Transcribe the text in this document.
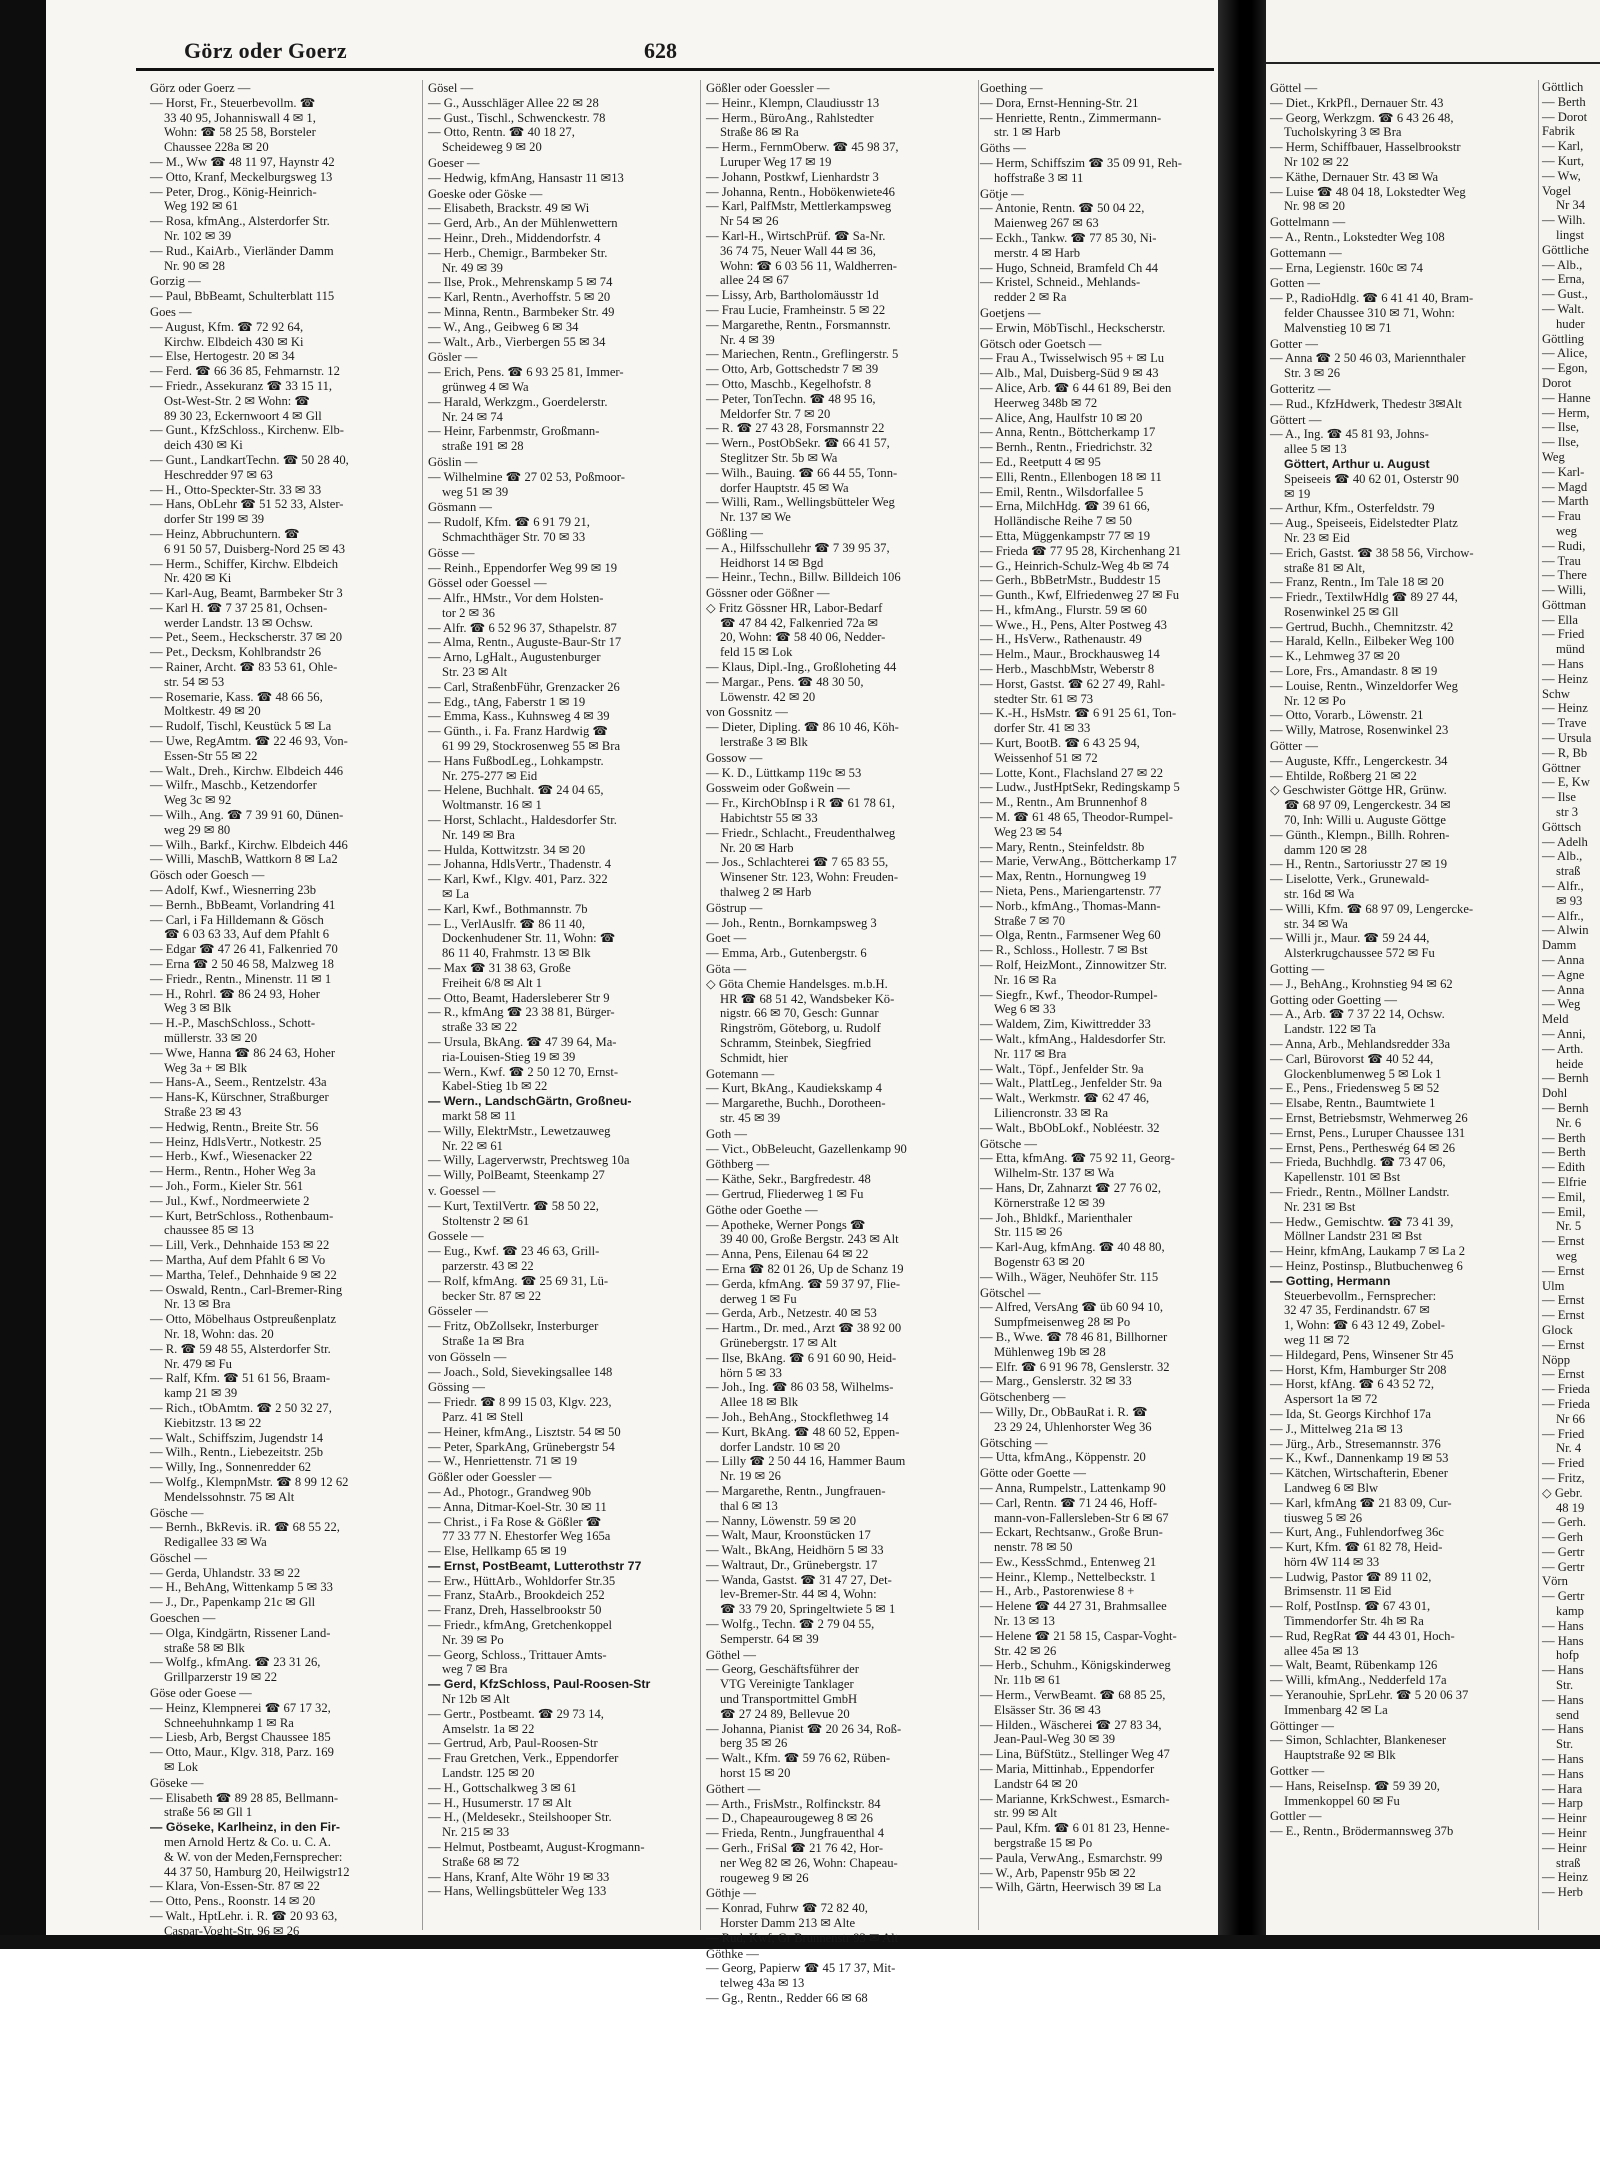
Görz oder Goerz	628
Görz oder Goerz —
— Horst, Fr., Steuerbevollm. ☎
33 40 95, Johanniswall 4 ✉ 1,
Wohn: ☎ 58 25 58, Borsteler
Chaussee 228a ✉ 20
— M., Ww ☎ 48 11 97, Haynstr 42
— Otto, Kranf, Meckelburgsweg 13
— Peter, Drog., König-Heinrich-
Weg 192 ✉ 61
— Rosa, kfmAng., Alsterdorfer Str.
Nr. 102 ✉ 39
— Rud., KaiArb., Vierländer Damm
Nr. 90 ✉ 28
Gorzig —
— Paul, BbBeamt, Schulterblatt 115
Goes —
— August, Kfm. ☎ 72 92 64,
Kirchw. Elbdeich 430 ✉ Ki
— Else, Hertogestr. 20 ✉ 34
— Ferd. ☎ 66 36 85, Fehmarnstr. 12
— Friedr., Assekuranz ☎ 33 15 11,
Ost-West-Str. 2 ✉ Wohn: ☎
89 30 23, Eckernwoort 4 ✉ Gll
— Gunt., KfzSchloss., Kirchenw. Elb-
deich 430 ✉ Ki
— Gunt., LandkartTechn. ☎ 50 28 40,
Heschredder 97 ✉ 63
— H., Otto-Speckter-Str. 33 ✉ 33
— Hans, ObLehr ☎ 51 52 33, Alster-
dorfer Str 199 ✉ 39
— Heinz, Abbruchuntern. ☎
6 91 50 57, Duisberg-Nord 25 ✉ 43
— Herm., Schiffer, Kirchw. Elbdeich
Nr. 420 ✉ Ki
— Karl-Aug, Beamt, Barmbeker Str 3
— Karl H. ☎ 7 37 25 81, Ochsen-
werder Landstr. 13 ✉ Ochsw.
— Pet., Seem., Heckscherstr. 37 ✉ 20
— Pet., Decksm, Kohlbrandstr 26
— Rainer, Archt. ☎ 83 53 61, Ohle-
str. 54 ✉ 53
— Rosemarie, Kass. ☎ 48 66 56,
Moltkestr. 49 ✉ 20
— Rudolf, Tischl, Keustück 5 ✉ La
— Uwe, RegAmtm. ☎ 22 46 93, Von-
Essen-Str 55 ✉ 22
— Walt., Dreh., Kirchw. Elbdeich 446
— Wilfr., Maschb., Ketzendorfer
Weg 3c ✉ 92
— Wilh., Ang. ☎ 7 39 91 60, Dünen-
weg 29 ✉ 80
— Wilh., Barkf., Kirchw. Elbdeich 446
— Willi, MaschB, Wattkorn 8 ✉ La2
Gösch oder Goesch —
— Adolf, Kwf., Wiesnerring 23b
— Bernh., BbBeamt, Vorlandring 41
— Carl, i Fa Hilldemann & Gösch
☎ 6 03 63 33, Auf dem Pfahlt 6
— Edgar ☎ 47 26 41, Falkenried 70
— Erna ☎ 2 50 46 58, Malzweg 18
— Friedr., Rentn., Minenstr. 11 ✉ 1
— H., Rohrl. ☎ 86 24 93, Hoher
Weg 3 ✉ Blk
— H.-P., MaschSchloss., Schott-
müllerstr. 33 ✉ 20
— Wwe, Hanna ☎ 86 24 63, Hoher
Weg 3a + ✉ Blk
— Hans-A., Seem., Rentzelstr. 43a
— Hans-K, Kürschner, Straßburger
Straße 23 ✉ 43
— Hedwig, Rentn., Breite Str. 56
— Heinz, HdlsVertr., Notkestr. 25
— Herb., Kwf., Wiesenacker 22
— Herm., Rentn., Hoher Weg 3a
— Joh., Form., Kieler Str. 561
— Jul., Kwf., Nordmeerwiete 2
— Kurt, BetrSchloss., Rothenbaum-
chaussee 85 ✉ 13
— Lill, Verk., Dehnhaide 153 ✉ 22
— Martha, Auf dem Pfahlt 6 ✉ Vo
— Martha, Telef., Dehnhaide 9 ✉ 22
— Oswald, Rentn., Carl-Bremer-Ring
Nr. 13 ✉ Bra
— Otto, Möbelhaus Ostpreußenplatz
Nr. 18, Wohn: das. 20
— R. ☎ 59 48 55, Alsterdorfer Str.
Nr. 479 ✉ Fu
— Ralf, Kfm. ☎ 51 61 56, Braam-
kamp 21 ✉ 39
— Rich., tObAmtm. ☎ 2 50 32 27,
Kiebitzstr. 13 ✉ 22
— Walt., Schiffszim, Jugendstr 14
— Wilh., Rentn., Liebezeitstr. 25b
— Willy, Ing., Sonnenredder 62
— Wolfg., KlempnMstr. ☎ 8 99 12 62
Mendelssohnstr. 75 ✉ Alt
Gösche —
— Bernh., BkRevis. iR. ☎ 68 55 22,
Redigallee 33 ✉ Wa
Göschel —
— Gerda, Uhlandstr. 33 ✉ 22
— H., BehAng, Wittenkamp 5 ✉ 33
— J., Dr., Papenkamp 21c ✉ Gll
Goeschen —
— Olga, Kindgärtn, Rissener Land-
straße 58 ✉ Blk
— Wolfg., kfmAng. ☎ 23 31 26,
Grillparzerstr 19 ✉ 22
Göse oder Goese —
— Heinz, Klempnerei ☎ 67 17 32,
Schneehuhnkamp 1 ✉ Ra
— Liesb, Arb, Bergst Chaussee 185
— Otto, Maur., Klgv. 318, Parz. 169
✉ Lok
Göseke —
— Elisabeth ☎ 89 28 85, Bellmann-
straße 56 ✉ Gll 1
— Göseke, Karlheinz, in den Fir-
men Arnold Hertz & Co. u. C. A.
& W. von der Meden,Fernsprecher:
44 37 50, Hamburg 20, Heilwigstr12
— Klara, Von-Essen-Str. 87 ✉ 22
— Otto, Pens., Roonstr. 14 ✉ 20
— Walt., HptLehr. i. R. ☎ 20 93 63,
Caspar-Voght-Str. 96 ✉ 26
Gösel —
— G., Ausschläger Allee 22 ✉ 28
— Gust., Tischl., Schwenckestr. 78
— Otto, Rentn. ☎ 40 18 27,
Scheideweg 9 ✉ 20
Goeser —
— Hedwig, kfmAng, Hansastr 11 ✉13
Goeske oder Göske —
— Elisabeth, Brackstr. 49 ✉ Wi
— Gerd, Arb., An der Mühlenwettern
— Heinr., Dreh., Middendorfstr. 4
— Herb., Chemigr., Barmbeker Str.
Nr. 49 ✉ 39
— Ilse, Prok., Mehrenskamp 5 ✉ 74
— Karl, Rentn., Averhoffstr. 5 ✉ 20
— Minna, Rentn., Barmbeker Str. 49
— W., Ang., Geibweg 6 ✉ 34
— Walt., Arb., Vierbergen 55 ✉ 34
Gösler —
— Erich, Pens. ☎ 6 93 25 81, Immer-
grünweg 4 ✉ Wa
— Harald, Werkzgm., Goerdelerstr.
Nr. 24 ✉ 74
— Heinr, Farbenmstr, Großmann-
straße 191 ✉ 28
Göslin —
— Wilhelmine ☎ 27 02 53, Poßmoor-
weg 51 ✉ 39
Gösmann —
— Rudolf, Kfm. ☎ 6 91 79 21,
Schmachthäger Str. 70 ✉ 33
Gösse —
— Reinh., Eppendorfer Weg 99 ✉ 19
Gössel oder Goessel —
— Alfr., HMstr., Vor dem Holsten-
tor 2 ✉ 36
— Alfr. ☎ 6 52 96 37, Sthapelstr. 87
— Alma, Rentn., Auguste-Baur-Str 17
— Arno, LgHalt., Augustenburger
Str. 23 ✉ Alt
— Carl, StraßenbFühr, Grenzacker 26
— Edg., tAng, Faberstr 1 ✉ 19
— Emma, Kass., Kuhnsweg 4 ✉ 39
— Günth., i. Fa. Franz Hardwig ☎
61 99 29, Stockrosenweg 55 ✉ Bra
— Hans FußbodLeg., Lohkampstr.
Nr. 275-277 ✉ Eid
— Helene, Buchhalt. ☎ 24 04 65,
Woltmanstr. 16 ✉ 1
— Horst, Schlacht., Haldesdorfer Str.
Nr. 149 ✉ Bra
— Hulda, Kottwitzstr. 34 ✉ 20
— Johanna, HdlsVertr., Thadenstr. 4
— Karl, Kwf., Klgv. 401, Parz. 322
✉ La
— Karl, Kwf., Bothmannstr. 7b
— L., VerlAuslfr. ☎ 86 11 40,
Dockenhudener Str. 11, Wohn: ☎
86 11 40, Frahmstr. 13 ✉ Blk
— Max ☎ 31 38 63, Große
Freiheit 6/8 ✉ Alt 1
— Otto, Beamt, Hadersleberer Str 9
— R., kfmAng ☎ 23 38 81, Bürger-
straße 33 ✉ 22
— Ursula, BkAng. ☎ 47 39 64, Ma-
ria-Louisen-Stieg 19 ✉ 39
— Wern., Kwf. ☎ 2 50 12 70, Ernst-
Kabel-Stieg 1b ✉ 22
— Wern., LandschGärtn, Großneu-
markt 58 ✉ 11
— Willy, ElektrMstr., Lewetzauweg
Nr. 22 ✉ 61
— Willy, Lagerverwstr, Prechtsweg 10a
— Willy, PolBeamt, Steenkamp 27
v. Goessel —
— Kurt, TextilVertr. ☎ 58 50 22,
Stoltenstr 2 ✉ 61
Gossele —
— Eug., Kwf. ☎ 23 46 63, Grill-
parzerstr. 43 ✉ 22
— Rolf, kfmAng. ☎ 25 69 31, Lü-
becker Str. 87 ✉ 22
Gösseler —
— Fritz, ObZollsekr, Insterburger
Straße 1a ✉ Bra
von Gösseln —
— Joach., Sold, Sievekingsallee 148
Gössing —
— Friedr. ☎ 8 99 15 03, Klgv. 223,
Parz. 41 ✉ Stell
— Heiner, kfmAng., Lisztstr. 54 ✉ 50
— Peter, SparkAng, Grünebergstr 54
— W., Henriettenstr. 71 ✉ 19
Gößler oder Goessler —
— Ad., Photogr., Grandweg 90b
— Anna, Ditmar-Koel-Str. 30 ✉ 11
— Christ., i Fa Rose & Gößler ☎
77 33 77 N. Ehestorfer Weg 165a
— Else, Hellkamp 65 ✉ 19
— Ernst, PostBeamt, Lutterothstr 77
— Erw., HüttArb., Wohldorfer Str.35
— Franz, StaArb., Brookdeich 252
— Franz, Dreh, Hasselbrookstr 50
— Friedr., kfmAng, Gretchenkoppel
Nr. 39 ✉ Po
— Georg, Schloss., Trittauer Amts-
weg 7 ✉ Bra
— Gerd, KfzSchloss, Paul-Roosen-Str
Nr 12b ✉ Alt
— Gertr., Postbeamt. ☎ 29 73 14,
Amselstr. 1a ✉ 22
— Gertrud, Arb, Paul-Roosen-Str
— Frau Gretchen, Verk., Eppendorfer
Landstr. 125 ✉ 20
— H., Gottschalkweg 3 ✉ 61
— H., Husumerstr. 17 ✉ Alt
— H., (Meldesekr., Steilshooper Str.
Nr. 215 ✉ 33
— Helmut, Postbeamt, August-Krogmann-
Straße 68 ✉ 72
— Hans, Kranf, Alte Wöhr 19 ✉ 33
— Hans, Wellingsbütteler Weg 133
Gößler oder Goessler —
— Heinr., Klempn, Claudiusstr 13
— Herm., BüroAng., Rahlstedter
Straße 86 ✉ Ra
— Herm., FernmOberw. ☎ 45 98 37,
Luruper Weg 17 ✉ 19
— Johann, Postkwf, Lienhardstr 3
— Johanna, Rentn., Hobökenwiete46
— Karl, PalfMstr, Mettlerkampsweg
Nr 54 ✉ 26
— Karl-H., WirtschPrüf. ☎ Sa-Nr.
36 74 75, Neuer Wall 44 ✉ 36,
Wohn: ☎ 6 03 56 11, Waldherren-
allee 24 ✉ 67
— Lissy, Arb, Bartholomäusstr 1d
— Frau Lucie, Framheinstr. 5 ✉ 22
— Margarethe, Rentn., Forsmannstr.
Nr. 4 ✉ 39
— Mariechen, Rentn., Greflingerstr. 5
— Otto, Arb, Gottschedstr 7 ✉ 39
— Otto, Maschb., Kegelhofstr. 8
— Peter, TonTechn. ☎ 48 95 16,
Meldorfer Str. 7 ✉ 20
— R. ☎ 27 43 28, Forsmannstr 22
— Wern., PostObSekr. ☎ 66 41 57,
Steglitzer Str. 5b ✉ Wa
— Wilh., Bauing. ☎ 66 44 55, Tonn-
dorfer Hauptstr. 45 ✉ Wa
— Willi, Ram., Wellingsbütteler Weg
Nr. 137 ✉ We
Gößling —
— A., Hilfsschullehr ☎ 7 39 95 37,
Heidhorst 14 ✉ Bgd
— Heinr., Techn., Billw. Billdeich 106
Gössner oder Gößner —
◇ Fritz Gössner HR, Labor-Bedarf
☎ 47 84 42, Falkenried 72a ✉
20, Wohn: ☎ 58 40 06, Nedder-
feld 15 ✉ Lok
— Klaus, Dipl.-Ing., Großloheting 44
— Margar., Pens. ☎ 48 30 50,
Löwenstr. 42 ✉ 20
von Gossnitz —
— Dieter, Dipling. ☎ 86 10 46, Köh-
lerstraße 3 ✉ Blk
Gossow —
— K. D., Lüttkamp 119c ✉ 53
Gossweim oder Goßwein —
— Fr., KirchObInsp i R ☎ 61 78 61,
Habichtstr 55 ✉ 33
— Friedr., Schlacht., Freudenthalweg
Nr. 20 ✉ Harb
— Jos., Schlachterei ☎ 7 65 83 55,
Winsener Str. 123, Wohn: Freuden-
thalweg 2 ✉ Harb
Göstrup —
— Joh., Rentn., Bornkampsweg 3
Goet —
— Emma, Arb., Gutenbergstr. 6
Göta —
◇ Göta Chemie Handelsges. m.b.H.
HR ☎ 68 51 42, Wandsbeker Kö-
nigstr. 66 ✉ 70, Gesch: Gunnar
Ringström, Göteborg, u. Rudolf
Schramm, Steinbek, Siegfried
Schmidt, hier
Gotemann —
— Kurt, BkAng., Kaudiekskamp 4
— Margarethe, Buchh., Dorotheen-
str. 45 ✉ 39
Goth —
— Vict., ObBeleucht, Gazellenkamp 90
Göthberg —
— Käthe, Sekr., Bargfredestr. 48
— Gertrud, Fliederweg 1 ✉ Fu
Göthe oder Goethe —
— Apotheke, Werner Pongs ☎
39 40 00, Große Bergstr. 243 ✉ Alt
— Anna, Pens, Eilenau 64 ✉ 22
— Erna ☎ 82 01 26, Up de Schanz 19
— Gerda, kfmAng. ☎ 59 37 97, Flie-
derweg 1 ✉ Fu
— Gerda, Arb., Netzestr. 40 ✉ 53
— Hartm., Dr. med., Arzt ☎ 38 92 00
Grünebergstr. 17 ✉ Alt
— Ilse, BkAng. ☎ 6 91 60 90, Heid-
hörn 5 ✉ 33
— Joh., Ing. ☎ 86 03 58, Wilhelms-
Allee 18 ✉ Blk
— Joh., BehAng., Stockflethweg 14
— Kurt, BkAng. ☎ 48 60 52, Eppen-
dorfer Landstr. 10 ✉ 20
— Lilly ☎ 2 50 44 16, Hammer Baum
Nr. 19 ✉ 26
— Margarethe, Rentn., Jungfrauen-
thal 6 ✉ 13
— Nanny, Löwenstr. 59 ✉ 20
— Walt, Maur, Kroonstücken 17
— Walt., BkAng, Heidhörn 5 ✉ 33
— Waltraut, Dr., Grünebergstr. 17
— Wanda, Gastst. ☎ 31 47 27, Det-
lev-Bremer-Str. 44 ✉ 4, Wohn:
☎ 33 79 20, Springeltwiete 5 ✉ 1
— Wolfg., Techn. ☎ 2 79 04 55,
Semperstr. 64 ✉ 39
Göthel —
— Georg, Geschäftsführer der
VTG Vereinigte Tanklager
und Transportmittel GmbH
☎ 27 24 89, Bellevue 20
— Johanna, Pianist ☎ 20 26 34, Roß-
berg 35 ✉ 26
— Walt., Kfm. ☎ 59 76 62, Rüben-
horst 15 ✉ 20
Göthert —
— Arth., FrisMstr., Rolfinckstr. 84
— D., Chapeaurougeweg 8 ✉ 26
— Frieda, Rentn., Jungfrauenthal 4
— Gerh., FriSal ☎ 21 76 42, Hor-
ner Weg 82 ✉ 26, Wohn: Chapeau-
rougeweg 9 ✉ 26
Göthje —
— Konrad, Fuhrw ☎ 72 82 40,
Horster Damm 213 ✉ Alte
— Rud, Kwf, Gr Brunnenstr 93 ✉ Alt
Göthke —
— Georg, Papierw ☎ 45 17 37, Mit-
telweg 43a ✉ 13
— Gg., Rentn., Redder 66 ✉ 68
Goething —
— Dora, Ernst-Henning-Str. 21
— Henriette, Rentn., Zimmermann-
str. 1 ✉ Harb
Göths —
— Herm, Schiffszim ☎ 35 09 91, Reh-
hoffstraße 3 ✉ 11
Götje —
— Antonie, Rentn. ☎ 50 04 22,
Maienweg 267 ✉ 63
— Eckh., Tankw. ☎ 77 85 30, Ni-
merstr. 4 ✉ Harb
— Hugo, Schneid, Bramfeld Ch 44
— Kristel, Schneid., Mehlands-
redder 2 ✉ Ra
Goetjens —
— Erwin, MöbTischl., Heckscherstr.
Götsch oder Goetsch —
— Frau A., Twisselwisch 95 + ✉ Lu
— Alb., Mal, Duisberg-Süd 9 ✉ 43
— Alice, Arb. ☎ 6 44 61 89, Bei den
Heerweg 348b ✉ 72
— Alice, Ang, Haulfstr 10 ✉ 20
— Anna, Rentn., Böttcherkamp 17
— Bernh., Rentn., Friedrichstr. 32
— Ed., Reetputt 4 ✉ 95
— Elli, Rentn., Ellenbogen 18 ✉ 11
— Emil, Rentn., Wilsdorfallee 5
— Erna, MilchHdg. ☎ 39 61 66,
Holländische Reihe 7 ✉ 50
— Etta, Müggenkampstr 77 ✉ 19
— Frieda ☎ 77 95 28, Kirchenhang 21
— G., Heinrich-Schulz-Weg 4b ✉ 74
— Gerh., BbBetrMstr., Buddestr 15
— Gunth., Kwf, Elfriedenweg 27 ✉ Fu
— H., kfmAng., Flurstr. 59 ✉ 60
— Wwe., H., Pens, Alter Postweg 43
— H., HsVerw., Rathenaustr. 49
— Helm., Maur., Brockhausweg 14
— Herb., MaschbMstr, Weberstr 8
— Horst, Gastst. ☎ 62 27 49, Rahl-
stedter Str. 61 ✉ 73
— K.-H., HsMstr. ☎ 6 91 25 61, Ton-
dorfer Str. 41 ✉ 33
— Kurt, BootB. ☎ 6 43 25 94,
Weissenhof 51 ✉ 72
— Lotte, Kont., Flachsland 27 ✉ 22
— Ludw., JustHptSekr, Redingskamp 5
— M., Rentn., Am Brunnenhof 8
— M. ☎ 61 48 65, Theodor-Rumpel-
Weg 23 ✉ 54
— Mary, Rentn., Steinfeldstr. 8b
— Marie, VerwAng., Böttcherkamp 17
— Max, Rentn., Hornungweg 19
— Nieta, Pens., Mariengartenstr. 77
— Norb., kfmAng., Thomas-Mann-
Straße 7 ✉ 70
— Olga, Rentn., Farmsener Weg 60
— R., Schloss., Hollestr. 7 ✉ Bst
— Rolf, HeizMont., Zinnowitzer Str.
Nr. 16 ✉ Ra
— Siegfr., Kwf., Theodor-Rumpel-
Weg 6 ✉ 33
— Waldem, Zim, Kiwittredder 33
— Walt., kfmAng., Haldesdorfer Str.
Nr. 117 ✉ Bra
— Walt., Töpf., Jenfelder Str. 9a
— Walt., PlattLeg., Jenfelder Str. 9a
— Walt., Werkmstr. ☎ 62 47 46,
Liliencronstr. 33 ✉ Ra
— Walt., BbObLokf., Nobléestr. 32
Götsche —
— Etta, kfmAng. ☎ 75 92 11, Georg-
Wilhelm-Str. 137 ✉ Wa
— Hans, Dr, Zahnarzt ☎ 27 76 02,
Körnerstraße 12 ✉ 39
— Joh., Bhldkf., Marienthaler
Str. 115 ✉ 26
— Karl-Aug, kfmAng. ☎ 40 48 80,
Bogenstr 63 ✉ 20
— Wilh., Wäger, Neuhöfer Str. 115
Götschel —
— Alfred, VersAng ☎ üb 60 94 10,
Sumpfmeisenweg 28 ✉ Po
— B., Wwe. ☎ 78 46 81, Billhorner
Mühlenweg 19b ✉ 28
— Elfr. ☎ 6 91 96 78, Genslerstr. 32
— Marg., Genslerstr. 32 ✉ 33
Götschenberg —
— Willy, Dr., ObBauRat i. R. ☎
23 29 24, Uhlenhorster Weg 36
Götsching —
— Utta, kfmAng., Köppenstr. 20
Götte oder Goette —
— Anna, Rumpelstr., Lattenkamp 90
— Carl, Rentn. ☎ 71 24 46, Hoff-
mann-von-Fallersleben-Str 6 ✉ 67
— Eckart, Rechtsanw., Große Brun-
nenstr. 78 ✉ 50
— Ew., KessSchmd., Entenweg 21
— Heinr., Klemp., Nettelbeckstr. 1
— H., Arb., Pastorenwiese 8 +
— Helene ☎ 44 27 31, Brahmsallee
Nr. 13 ✉ 13
— Helene ☎ 21 58 15, Caspar-Voght-
Str. 42 ✉ 26
— Herb., Schuhm., Königskinderweg
Nr. 11b ✉ 61
— Herm., VerwBeamt. ☎ 68 85 25,
Elsässer Str. 36 ✉ 43
— Hilden., Wäscherei ☎ 27 83 34,
Jean-Paul-Weg 30 ✉ 39
— Lina, BüfStütz., Stellinger Weg 47
— Maria, Mittinhab., Eppendorfer
Landstr 64 ✉ 20
— Marianne, KrkSchwest., Esmarch-
str. 99 ✉ Alt
— Paul, Kfm. ☎ 6 01 81 23, Henne-
bergstraße 15 ✉ Po
— Paula, VerwAng., Esmarchstr. 99
— W., Arb, Papenstr 95b ✉ 22
— Wilh, Gärtn, Heerwisch 39 ✉ La
Göttel —
— Diet., KrkPfl., Dernauer Str. 43
— Georg, Werkzgm. ☎ 6 43 26 48,
Tucholskyring 3 ✉ Bra
— Herm, Schiffbauer, Hasselbrookstr
Nr 102 ✉ 22
— Käthe, Dernauer Str. 43 ✉ Wa
— Luise ☎ 48 04 18, Lokstedter Weg
Nr. 98 ✉ 20
Gottelmann —
— A., Rentn., Lokstedter Weg 108
Gottemann —
— Erna, Legienstr. 160c ✉ 74
Gotten —
— P., RadioHdlg. ☎ 6 41 41 40, Bram-
felder Chaussee 310 ✉ 71, Wohn:
Malvenstieg 10 ✉ 71
Gotter —
— Anna ☎ 2 50 46 03, Mariennthaler
Str. 3 ✉ 26
Gotteritz —
— Rud., KfzHdwerk, Thedestr 3✉Alt
Göttert —
— A., Ing. ☎ 45 81 93, Johns-
allee 5 ✉ 13
Göttert, Arthur u. August
Speiseeis ☎ 40 62 01, Osterstr 90
✉ 19
— Arthur, Kfm., Osterfeldstr. 79
— Aug., Speiseeis, Eidelstedter Platz
Nr. 23 ✉ Eid
— Erich, Gastst. ☎ 38 58 56, Virchow-
straße 81 ✉ Alt,
— Franz, Rentn., Im Tale 18 ✉ 20
— Friedr., TextilwHdlg ☎ 89 27 44,
Rosenwinkel 25 ✉ Gll
— Gertrud, Buchh., Chemnitzstr. 42
— Harald, Kelln., Eilbeker Weg 100
— K., Lehmweg 37 ✉ 20
— Lore, Frs., Amandastr. 8 ✉ 19
— Louise, Rentn., Winzeldorfer Weg
Nr. 12 ✉ Po
— Otto, Vorarb., Löwenstr. 21
— Willy, Matrose, Rosenwinkel 23
Götter —
— Auguste, Kffr., Lengerckestr. 34
— Ehtilde, Roßberg 21 ✉ 22
◇ Geschwister Göttge HR, Grünw.
☎ 68 97 09, Lengerckestr. 34 ✉
70, Inh: Willi u. Auguste Göttge
— Günth., Klempn., Billh. Rohren-
damm 120 ✉ 28
— H., Rentn., Sartoriusstr 27 ✉ 19
— Liselotte, Verk., Grunewald-
str. 16d ✉ Wa
— Willi, Kfm. ☎ 68 97 09, Lengercke-
str. 34 ✉ Wa
— Willi jr., Maur. ☎ 59 24 44,
Alsterkrugchaussee 572 ✉ Fu
Gotting —
— J., BehAng., Krohnstieg 94 ✉ 62
Gotting oder Goetting —
— A., Arb. ☎ 7 37 22 14, Ochsw.
Landstr. 122 ✉ Ta
— Anna, Arb., Mehlandsredder 33a
— Carl, Bürovorst ☎ 40 52 44,
Glockenblumenweg 5 ✉ Lok 1
— E., Pens., Friedensweg 5 ✉ 52
— Elsabe, Rentn., Baumtwiete 1
— Ernst, Betriebsmstr, Wehmerweg 26
— Ernst, Pens., Luruper Chaussee 131
— Ernst, Pens., Pertheswég 64 ✉ 26
— Frieda, Buchhdlg. ☎ 73 47 06,
Kapellenstr. 101 ✉ Bst
— Friedr., Rentn., Möllner Landstr.
Nr. 231 ✉ Bst
— Hedw., Gemischtw. ☎ 73 41 39,
Möllner Landstr 231 ✉ Bst
— Heinr, kfmAng, Laukamp 7 ✉ La 2
— Heinz, Postinsp., Blutbuchenweg 6
— Gotting, Hermann
Steuerbevollm., Fernsprecher:
32 47 35, Ferdinandstr. 67 ✉
1, Wohn: ☎ 6 43 12 49, Zobel-
weg 11 ✉ 72
— Hildegard, Pens, Winsener Str 45
— Horst, Kfm, Hamburger Str 208
— Horst, kfAng. ☎ 6 43 52 72,
Aspersort 1a ✉ 72
— Ida, St. Georgs Kirchhof 17a
— J., Mittelweg 21a ✉ 13
— Jürg., Arb., Stresemannstr. 376
— K., Kwf., Dannenkamp 19 ✉ 53
— Kätchen, Wirtschafterin, Ebener
Landweg 6 ✉ Blw
— Karl, kfmAng ☎ 21 83 09, Cur-
tiusweg 5 ✉ 26
— Kurt, Ang., Fuhlendorfweg 36c
— Kurt, Kfm. ☎ 61 82 78, Heid-
hörn 4W 114 ✉ 33
— Ludwig, Pastor ☎ 89 11 02,
Brimsenstr. 11 ✉ Eid
— Rolf, PostInsp. ☎ 67 43 01,
Timmendorfer Str. 4h ✉ Ra
— Rud, RegRat ☎ 44 43 01, Hoch-
allee 45a ✉ 13
— Walt, Beamt, Rübenkamp 126
— Willi, kfmAng., Nedderfeld 17a
— Yeranouhie, SprLehr. ☎ 5 20 06 37
Immenbarg 42 ✉ La
Göttinger —
— Simon, Schlachter, Blankeneser
Hauptstraße 92 ✉ Blk
Gottker —
— Hans, ReiseInsp. ☎ 59 39 20,
Immenkoppel 60 ✉ Fu
Gottler —
— E., Rentn., Brödermannsweg 37b
Göttlich
— Berth
— Dorot
Fabrik
— Karl,
— Kurt,
— Ww,
Vogel
Nr 34
— Wilh.
lingst
Göttliche
— Alb.,
— Erna,
— Gust.,
— Walt.
huder
Göttling
— Alice,
— Egon,
Dorot
— Hanne
— Herm,
— Ilse,
— Ilse,
Weg
— Karl-
— Magd
— Marth
— Frau
weg
— Rudi,
— Trau
— There
— Willi,
Göttman
— Ella
— Fried
münd
— Hans
— Heinz
Schw
— Heinz
— Trave
— Ursula
— R, Bb
Göttner
— E, Kw
— Ilse
str 3
Göttsch
— Adelh
— Alb.,
straß
— Alfr.,
✉ 93
— Alfr.,
— Alwin
Damm
— Anna
— Agne
— Anna
— Weg
Meld
— Anni,
— Arth.
heide
— Bernh
Dohl
— Bernh
Nr. 6
— Berth
— Berth
— Edith
— Elfrie
— Emil,
— Emil,
Nr. 5
— Ernst
weg
— Ernst
Ulm
— Ernst
— Ernst
Glock
— Ernst
Nöpp
— Ernst
— Frieda
— Frieda
Nr 66
— Fried
Nr. 4
— Fried
— Fritz,
◇ Gebr.
48 19
— Gerh.
— Gerh
— Gertr
— Gertr
Vörn
— Gertr
kamp
— Hans
— Hans
hofp
— Hans
Str.
— Hans
send
— Hans
Str.
— Hans
— Hans
— Hara
— Harp
— Heinr
— Heinr
— Heinr
straß
— Heinz
— Herb
